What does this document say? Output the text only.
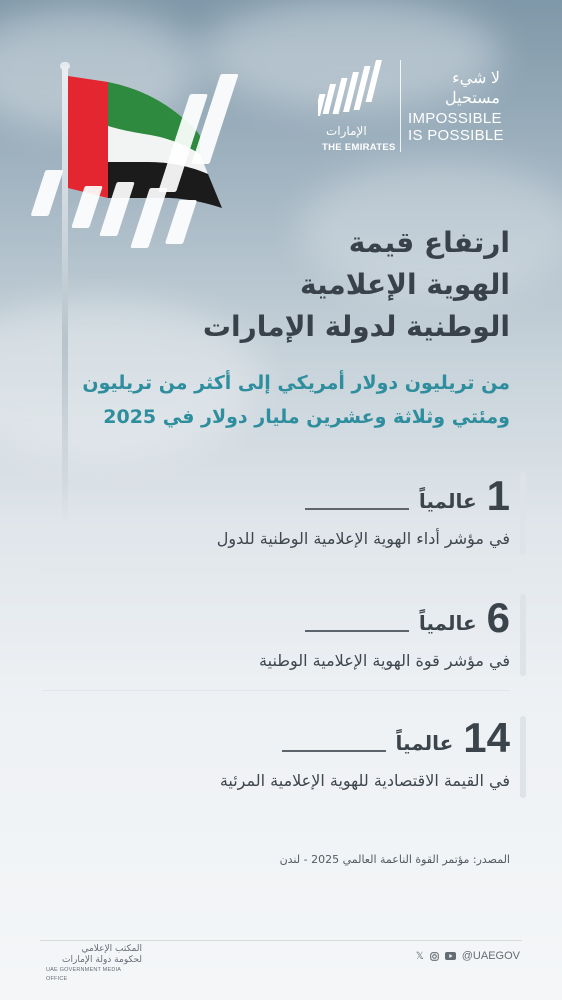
الإمارات
THE EMIRATES
لا شيء
مستحيل
IMPOSSIBLE
IS POSSIBLE
ارتفاع قيمة
الهوية الإعلامية
الوطنية لدولة الإمارات
من تريليون دولار أمريكي إلى أكثر من تريليون
ومئتي وثلاثة وعشرين مليار دولار في 2025
1
عالمياً
في مؤشر أداء الهوية الإعلامية الوطنية للدول
6
عالمياً
في مؤشر قوة الهوية الإعلامية الوطنية
14
عالمياً
في القيمة الاقتصادية للهوية الإعلامية المرئية
المصدر: مؤتمر القوة الناعمة العالمي 2025 - لندن
المكتب الإعلامي
لحكومة دولة الإمارات
UAE GOVERNMENT MEDIA OFFICE
𝕏	@UAEGOV
